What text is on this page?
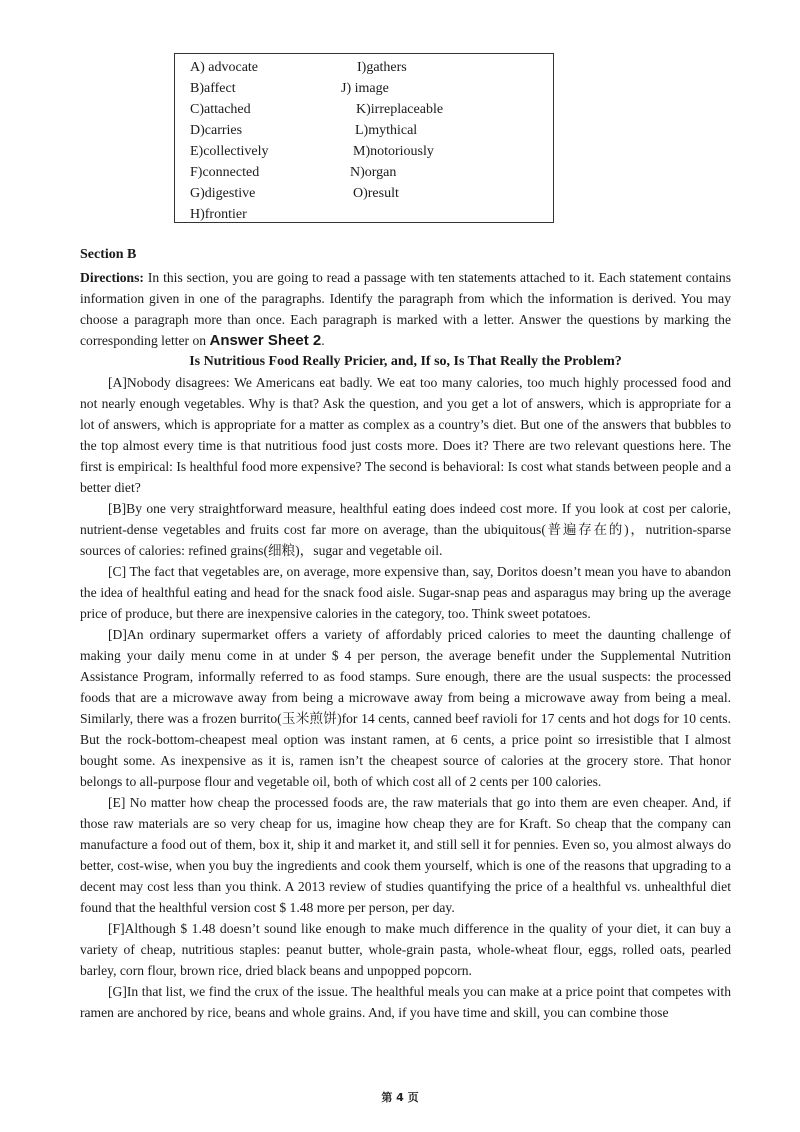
A) advocate
B)affect
C)attached
D)carries
E)collectively
F)connected
G)digestive
H)frontier
I)gathers
J) image
K)irreplaceable
L)mythical
M)notoriously
N)organ
O)result

Section B

Directions: In this section, you are going to read a passage with ten statements attached to it. Each statement contains information given in one of the paragraphs. Identify the paragraph from which the information is derived. You may choose a paragraph more than once. Each paragraph is marked with a letter. Answer the questions by marking the corresponding letter on Answer Sheet 2.

Is Nutritious Food Really Pricier, and, If so, Is That Really the Problem?

[A]Nobody disagrees: We Americans eat badly. We eat too many calories, too much highly processed food and not nearly enough vegetables. Why is that? Ask the question, and you get a lot of answers, which is appropriate for a lot of answers, which is appropriate for a matter as complex as a country’s diet. But one of the answers that bubbles to the top almost every time is that nutritious food just costs more. Does it? There are two relevant questions here. The first is empirical: Is healthful food more expensive? The second is behavioral: Is cost what stands between people and a better diet?

[B]By one very straightforward measure, healthful eating does indeed cost more. If you look at cost per calorie, nutrient-dense vegetables and fruits cost far more on average, than the ubiquitous(普遍存在的)，nutrition-sparse sources of calories: refined grains(细粮)，sugar and vegetable oil.

[C] The fact that vegetables are, on average, more expensive than, say, Doritos doesn’t mean you have to abandon the idea of healthful eating and head for the snack food aisle. Sugar-snap peas and asparagus may bring up the average price of produce, but there are inexpensive calories in the category, too. Think sweet potatoes.

[D]An ordinary supermarket offers a variety of affordably priced calories to meet the daunting challenge of making your daily menu come in at under $ 4 per person, the average benefit under the Supplemental Nutrition Assistance Program, informally referred to as food stamps. Sure enough, there are the usual suspects: the processed foods that are a microwave away from being a microwave away from being a microwave away from being a meal. Similarly, there was a frozen burrito(玉米煎饼)for 14 cents, canned beef ravioli for 17 cents and hot dogs for 10 cents. But the rock-bottom-cheapest meal option was instant ramen, at 6 cents, a price point so irresistible that I almost bought some. As inexpensive as it is, ramen isn’t the cheapest source of calories at the grocery store. That honor belongs to all-purpose flour and vegetable oil, both of which cost all of 2 cents per 100 calories.

[E] No matter how cheap the processed foods are, the raw materials that go into them are even cheaper. And, if those raw materials are so very cheap for us, imagine how cheap they are for Kraft. So cheap that the company can manufacture a food out of them, box it, ship it and market it, and still sell it for pennies. Even so, you almost always do better, cost-wise, when you buy the ingredients and cook them yourself, which is one of the reasons that upgrading to a decent may cost less than you think. A 2013 review of studies quantifying the price of a healthful vs. unhealthful diet found that the healthful version cost $ 1.48 more per person, per day.

[F]Although $ 1.48 doesn’t sound like enough to make much difference in the quality of your diet, it can buy a variety of cheap, nutritious staples: peanut butter, whole-grain pasta, whole-wheat flour, eggs, rolled oats, pearled barley, corn flour, brown rice, dried black beans and unpopped popcorn.

[G]In that list, we find the crux of the issue. The healthful meals you can make at a price point that competes with ramen are anchored by rice, beans and whole grains. And, if you have time and skill, you can combine those

第 4 页
